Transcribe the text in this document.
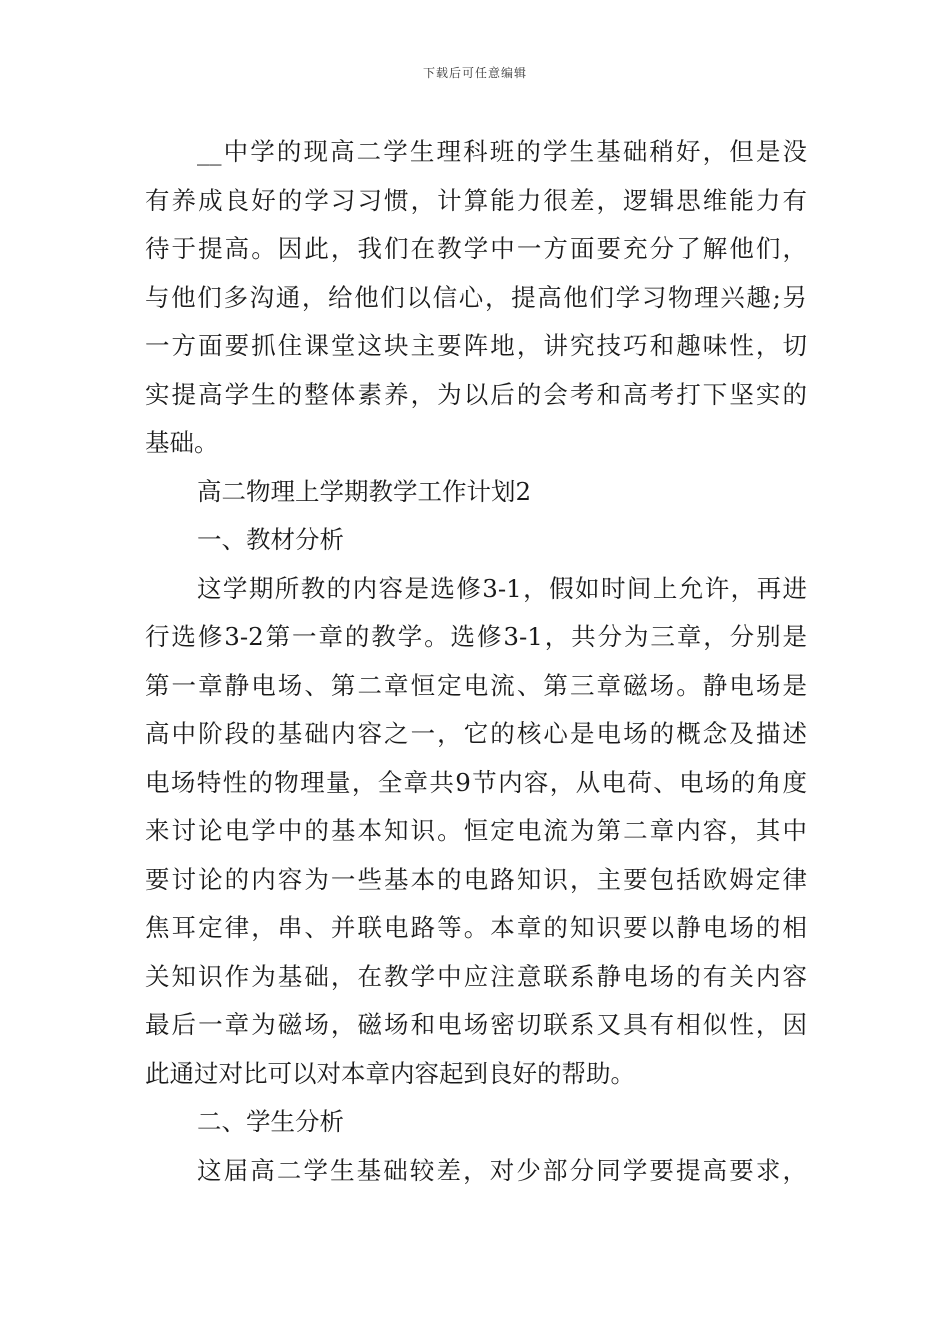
下载后可任意编辑
__中学的现高二学生理科班的学生基础稍好，但是没
有养成良好的学习习惯，计算能力很差，逻辑思维能力有
待于提高。因此，我们在教学中一方面要充分了解他们，
与他们多沟通，给他们以信心，提高他们学习物理兴趣;另
一方面要抓住课堂这块主要阵地，讲究技巧和趣味性，切
实提高学生的整体素养，为以后的会考和高考打下坚实的
基础。
高二物理上学期教学工作计划2
一、教材分析
这学期所教的内容是选修3-1，假如时间上允许，再进
行选修3-2第一章的教学。选修3-1，共分为三章，分别是
第一章静电场、第二章恒定电流、第三章磁场。静电场是
高中阶段的基础内容之一，它的核心是电场的概念及描述
电场特性的物理量，全章共9节内容，从电荷、电场的角度
来讨论电学中的基本知识。恒定电流为第二章内容，其中
要讨论的内容为一些基本的电路知识，主要包括欧姆定律
焦耳定律，串、并联电路等。本章的知识要以静电场的相
关知识作为基础，在教学中应注意联系静电场的有关内容
最后一章为磁场，磁场和电场密切联系又具有相似性，因
此通过对比可以对本章内容起到良好的帮助。
二、学生分析
这届高二学生基础较差，对少部分同学要提高要求，
